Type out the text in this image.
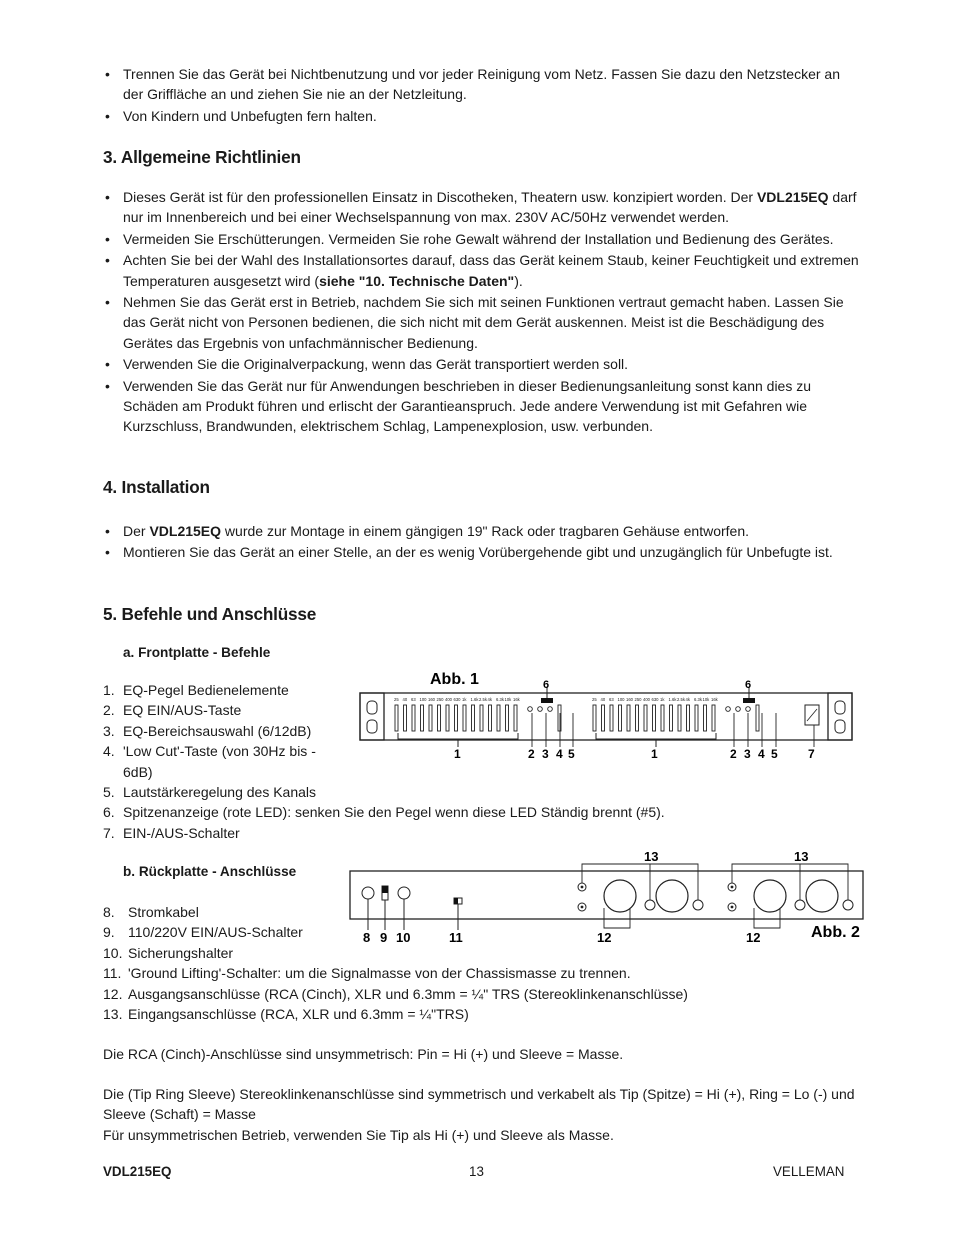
• Trennen Sie das Gerät bei Nichtbenutzung und vor jeder Reinigung vom Netz. Fassen Sie dazu den Netzstecker an der Griffläche an und ziehen Sie nie an der Netzleitung.
• Von Kindern und Unbefugten fern halten.
3. Allgemeine Richtlinien
• Dieses Gerät ist für den professionellen Einsatz in Discotheken, Theatern usw. konzipiert worden. Der VDL215EQ darf nur im Innenbereich und bei einer Wechselspannung von max. 230V AC/50Hz verwendet werden.
• Vermeiden Sie Erschütterungen. Vermeiden Sie rohe Gewalt während der Installation und Bedienung des Gerätes.
• Achten Sie bei der Wahl des Installationsortes darauf, dass das Gerät keinem Staub, keiner Feuchtigkeit und extremen Temperaturen ausgesetzt wird (siehe "10. Technische Daten").
• Nehmen Sie das Gerät erst in Betrieb, nachdem Sie sich mit seinen Funktionen vertraut gemacht haben. Lassen Sie das Gerät nicht von Personen bedienen, die sich nicht mit dem Gerät auskennen. Meist ist die Beschädigung des Gerätes das Ergebnis von unfachmännischer Bedienung.
• Verwenden Sie die Originalverpackung, wenn das Gerät transportiert werden soll.
• Verwenden Sie das Gerät nur für Anwendungen beschrieben in dieser Bedienungsanleitung sonst kann dies zu Schäden am Produkt führen und erlischt der Garantieanspruch. Jede andere Verwendung ist mit Gefahren wie Kurzschluss, Brandwunden, elektrischem Schlag, Lampenexplosion, usw. verbunden.
4. Installation
• Der VDL215EQ wurde zur Montage in einem gängigen 19" Rack oder tragbaren Gehäuse entworfen.
• Montieren Sie das Gerät an einer Stelle, an der es wenig Vorübergehende gibt und unzugänglich für Unbefugte ist.
5. Befehle und Anschlüsse
a. Frontplatte - Befehle
1. EQ-Pegel Bedienelemente
2. EQ EIN/AUS-Taste
3. EQ-Bereichsauswahl (6/12dB)
4. 'Low Cut'-Taste (von 30Hz bis - 6dB)
5. Lautstärkeregelung des Kanals
6. Spitzenanzeige (rote LED): senken Sie den Pegel wenn diese LED Ständig brennt (#5).
7. EIN-/AUS-Schalter
Abb. 1
25 40 63 100 160 250 400 630 1k 1.6k 2.5k 4k 6.3k 10k 16k	25 40 63 100 160 250 400 630 1k 1.6k 2.5k 4k 6.3k 10k 16k
6	6
1	2 3 4 5	1	2 3 4 5	7
b. Rückplatte - Anschlüsse
8. Stromkabel
9. 110/220V EIN/AUS-Schalter
10. Sicherungshalter
11. 'Ground Lifting'-Schalter: um die Signalmasse von der Chassismasse zu trennen.
12. Ausgangsanschlüsse (RCA (Cinch), XLR und 6.3mm = ¼" TRS (Stereoklinkenanschlüsse)
13. Eingangsanschlüsse (RCA, XLR und 6.3mm = ¼"TRS)
8 9 10	11	12	12
13	13
Abb. 2

Die RCA (Cinch)-Anschlüsse sind unsymmetrisch: Pin = Hi (+) und Sleeve = Masse.

Die (Tip Ring Sleeve) Stereoklinkenanschlüsse sind symmetrisch und verkabelt als Tip (Spitze) = Hi (+), Ring = Lo (-) und Sleeve (Schaft) = Masse

Für unsymmetrischen Betrieb, verwenden Sie Tip als Hi (+) und Sleeve als Masse.

VDL215EQ	13	VELLEMAN
